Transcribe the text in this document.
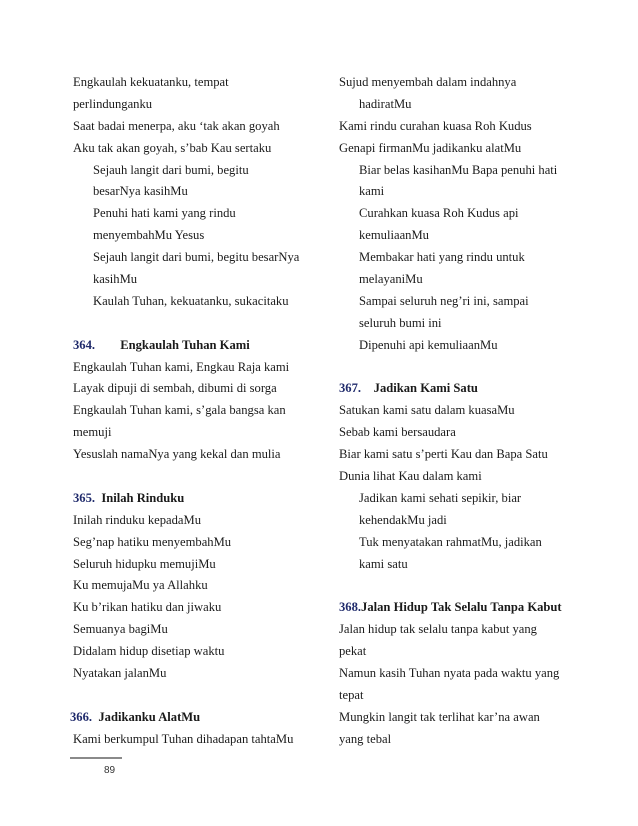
Engkaulah kekuatanku, tempat
perlindunganku
Saat badai menerpa, aku ‘tak akan goyah
Aku tak akan goyah, s’bab Kau sertaku
Sejauh langit dari bumi, begitu
besarNya kasihMu
Penuhi hati kami yang rindu
menyembahMu Yesus
Sejauh langit dari bumi, begitu besarNya
kasihMu
Kaulah Tuhan, kekuatanku, sukacitaku
364.        Engkaulah Tuhan Kami
Engkaulah Tuhan kami, Engkau Raja kami
Layak dipuji di sembah, dibumi di sorga
Engkaulah Tuhan kami, s’gala bangsa kan
memuji
Yesuslah namaNya yang kekal dan mulia
365.  Inilah Rinduku
Inilah rinduku kepadaMu
Seg’nap hatiku menyembahMu
Seluruh hidupku memujiMu
Ku memujaMu ya Allahku
Ku b’rikan hatiku dan jiwaku
Semuanya bagiMu
Didalam hidup disetiap waktu
Nyatakan jalanMu
366.  Jadikanku AlatMu
Kami berkumpul Tuhan dihadapan tahtaMu
Sujud menyembah dalam indahnya
hadiratMu
Kami rindu curahan kuasa Roh Kudus
Genapi firmanMu jadikanku alatMu
Biar belas kasihanMu Bapa penuhi hati
kami
Curahkan kuasa Roh Kudus api
kemuliaanMu
Membakar hati yang rindu untuk
melayaniMu
Sampai seluruh neg’ri ini, sampai
seluruh bumi ini
Dipenuhi api kemuliaanMu
367.    Jadikan Kami Satu
Satukan kami satu dalam kuasaMu
Sebab kami bersaudara
Biar kami satu s’perti Kau dan Bapa Satu
Dunia lihat Kau dalam kami
Jadikan kami sehati sepikir, biar
kehendakMu jadi
Tuk menyatakan rahmatMu, jadikan
kami satu
368.Jalan Hidup Tak Selalu Tanpa Kabut
Jalan hidup tak selalu tanpa kabut yang
pekat
Namun kasih Tuhan nyata pada waktu yang
tepat
Mungkin langit tak terlihat kar’na awan
yang tebal
89
